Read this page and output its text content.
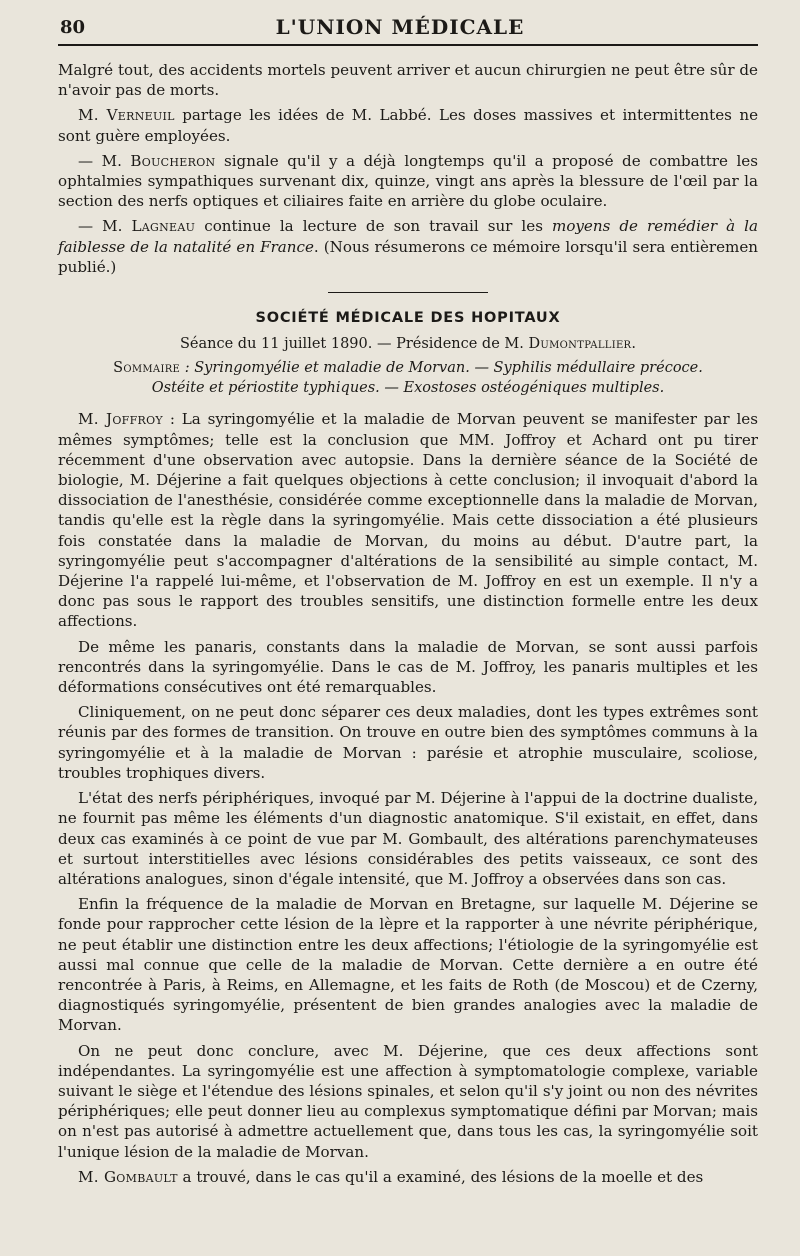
80	L'UNION MÉDICALE

Malgré tout, des accidents mortels peuvent arriver et aucun chirurgien ne peut être sûr de n'avoir pas de morts.

M. Verneuil partage les idées de M. Labbé. Les doses massives et intermittentes ne sont guère employées.

— M. Boucheron signale qu'il y a déjà longtemps qu'il a proposé de combattre les ophtalmies sympathiques survenant dix, quinze, vingt ans après la blessure de l'œil par la section des nerfs optiques et ciliaires faite en arrière du globe oculaire.

— M. Lagneau continue la lecture de son travail sur les moyens de remédier à la faiblesse de la natalité en France. (Nous résumerons ce mémoire lorsqu'il sera entièremen publié.)

SOCIÉTÉ MÉDICALE DES HOPITAUX
Séance du 11 juillet 1890. — Présidence de M. Dumontpallier.
Sommaire : Syringomyélie et maladie de Morvan. — Syphilis médullaire précoce.
Ostéite et périostite typhiques. — Exostoses ostéogéniques multiples.

M. Joffroy : La syringomyélie et la maladie de Morvan peuvent se manifester par les mêmes symptômes; telle est la conclusion que MM. Joffroy et Achard ont pu tirer récemment d'une observation avec autopsie. Dans la dernière séance de la Société de biologie, M. Déjerine a fait quelques objections à cette conclusion; il invoquait d'abord la dissociation de l'anesthésie, considérée comme exceptionnelle dans la maladie de Morvan, tandis qu'elle est la règle dans la syringomyélie. Mais cette dissociation a été plusieurs fois constatée dans la maladie de Morvan, du moins au début. D'autre part, la syringomyélie peut s'accompagner d'altérations de la sensibilité au simple contact, M. Déjerine l'a rappelé lui-même, et l'observation de M. Joffroy en est un exemple. Il n'y a donc pas sous le rapport des troubles sensitifs, une distinction formelle entre les deux affections.

De même les panaris, constants dans la maladie de Morvan, se sont aussi parfois rencontrés dans la syringomyélie. Dans le cas de M. Joffroy, les panaris multiples et les déformations consécutives ont été remarquables.

Cliniquement, on ne peut donc séparer ces deux maladies, dont les types extrêmes sont réunis par des formes de transition. On trouve en outre bien des symptômes communs à la syringomyélie et à la maladie de Morvan : parésie et atrophie musculaire, scoliose, troubles trophiques divers.

L'état des nerfs périphériques, invoqué par M. Déjerine à l'appui de la doctrine dualiste, ne fournit pas même les éléments d'un diagnostic anatomique. S'il existait, en effet, dans deux cas examinés à ce point de vue par M. Gombault, des altérations parenchymateuses et surtout interstitielles avec lésions considérables des petits vaisseaux, ce sont des altérations analogues, sinon d'égale intensité, que M. Joffroy a observées dans son cas.

Enfin la fréquence de la maladie de Morvan en Bretagne, sur laquelle M. Déjerine se fonde pour rapprocher cette lésion de la lèpre et la rapporter à une névrite périphérique, ne peut établir une distinction entre les deux affections; l'étiologie de la syringomyélie est aussi mal connue que celle de la maladie de Morvan. Cette dernière a en outre été rencontrée à Paris, à Reims, en Allemagne, et les faits de Roth (de Moscou) et de Czerny, diagnostiqués syringomyélie, présentent de bien grandes analogies avec la maladie de Morvan.

On ne peut donc conclure, avec M. Déjerine, que ces deux affections sont indépendantes. La syringomyélie est une affection à symptomatologie complexe, variable suivant le siège et l'étendue des lésions spinales, et selon qu'il s'y joint ou non des névrites périphériques; elle peut donner lieu au complexus symptomatique défini par Morvan; mais on n'est pas autorisé à admettre actuellement que, dans tous les cas, la syringomyélie soit l'unique lésion de la maladie de Morvan.

M. Gombault a trouvé, dans le cas qu'il a examiné, des lésions de la moelle et des
